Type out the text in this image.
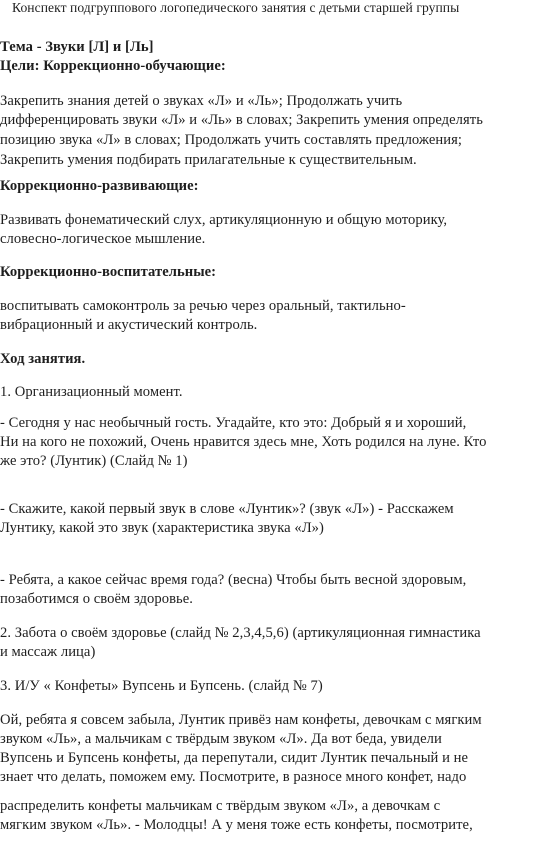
Конспект подгруппового логопедического занятия с детьми старшей группы
Тема - Звуки [Л] и [Ль]
Цели: Коррекционно-обучающие:
Закрепить знания детей о звуках «Л» и «Ль»; Продолжать учить
дифференцировать звуки «Л» и «Ль» в словах; Закрепить умения определять
позицию звука «Л» в словах; Продолжать учить составлять предложения;
Закрепить умения подбирать прилагательные к существительным.
Коррекционно-развивающие:
Развивать фонематический слух, артикуляционную и общую моторику,
словесно-логическое мышление.
Коррекционно-воспитательные:
воспитывать самоконтроль за речью через оральный, тактильно-
вибрационный и акустический контроль.
Ход занятия.
1. Организационный момент.
- Сегодня у нас необычный гость. Угадайте, кто это: Добрый я и хороший,
Ни на кого не похожий, Очень нравится здесь мне, Хоть родился на луне. Кто
же это? (Лунтик) (Слайд № 1)
- Скажите, какой первый звук в слове «Лунтик»? (звук «Л») - Расскажем
Лунтику, какой это звук (характеристика звука «Л»)
- Ребята, а какое сейчас время года? (весна) Чтобы быть весной здоровым,
позаботимся о своём здоровье.
2. Забота о своём здоровье (слайд № 2,3,4,5,6) (артикуляционная гимнастика
и массаж лица)
3. И/У « Конфеты» Вупсень и Бупсень. (слайд № 7)
Ой, ребята я совсем забыла, Лунтик привёз нам конфеты, девочкам с мягким
звуком «Ль», а мальчикам с твёрдым звуком «Л». Да вот беда, увидели
Вупсень и Бупсень конфеты, да перепутали, сидит Лунтик печальный и не
знает что делать, поможем ему. Посмотрите, в разносе много конфет, надо
распределить конфеты мальчикам с твёрдым звуком «Л», а девочкам с
мягким звуком «Ль». - Молодцы! А у меня тоже есть конфеты, посмотрите,
